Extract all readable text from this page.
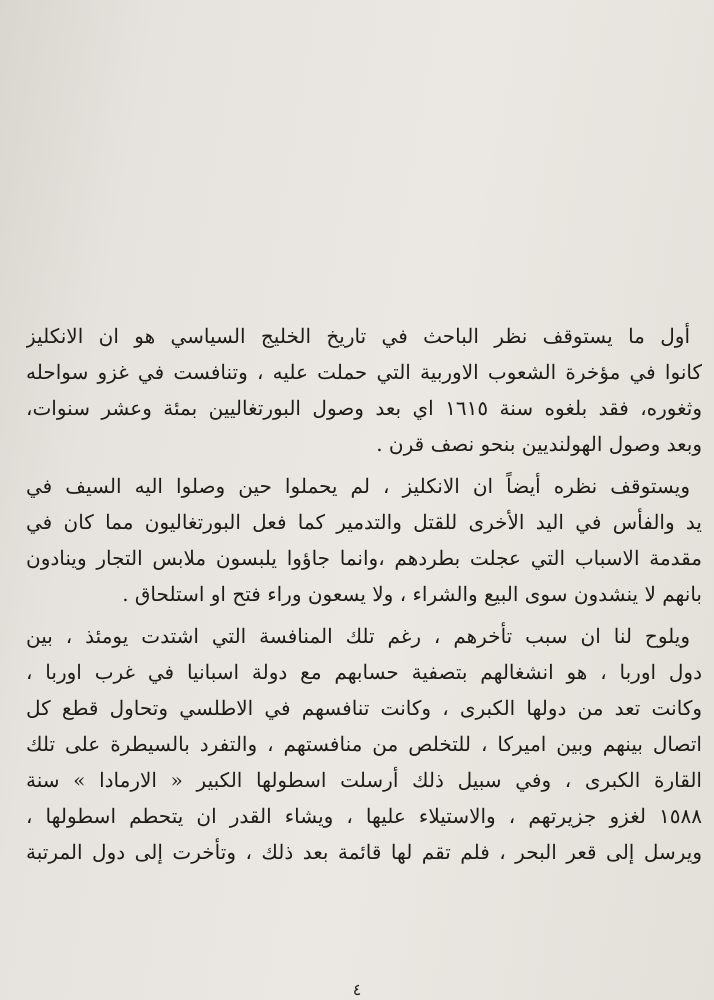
أول ما يستوقف نظر الباحث في تاريخ الخليج السياسي هو ان الانكليز
كانوا في مؤخرة الشعوب الاوربية التي حملت عليه ، وتنافست في غزو سواحله
وثغوره، فقد بلغوه سنة ١٦١٥ اي بعد وصول البورتغاليين بمئة وعشر سنوات،
وبعد وصول الهولنديين بنحو نصف قرن .
ويستوقف نظره أيضاً ان الانكليز ، لم يحملوا حين وصلوا اليه السيف في
يد والفأس في اليد الأخرى للقتل والتدمير كما فعل البورتغاليون مما كان في
مقدمة الاسباب التي عجلت بطردهم ،وانما جاؤوا يلبسون ملابس التجار وينادون
بانهم لا ينشدون سوى البيع والشراء ، ولا يسعون وراء فتح او استلحاق .
ويلوح لنا ان سبب تأخرهم ، رغم تلك المنافسة التي اشتدت يومئذ ، بين
دول اوربا ، هو انشغالهم بتصفية حسابهم مع دولة اسبانيا في غرب اوربا ،
وكانت تعد من دولها الكبرى ، وكانت تنافسهم في الاطلسي وتحاول قطع كل
اتصال بينهم وبين اميركا ، للتخلص من منافستهم ، والتفرد بالسيطرة على تلك
القارة الكبرى ، وفي سبيل ذلك أرسلت اسطولها الكبير « الارمادا » سنة
١٥٨٨ لغزو جزيرتهم ، والاستيلاء عليها ، ويشاء القدر ان يتحطم اسطولها ،
ويرسل إلى قعر البحر ، فلم تقم لها قائمة بعد ذلك ، وتأخرت إلى دول المرتبة
٤
